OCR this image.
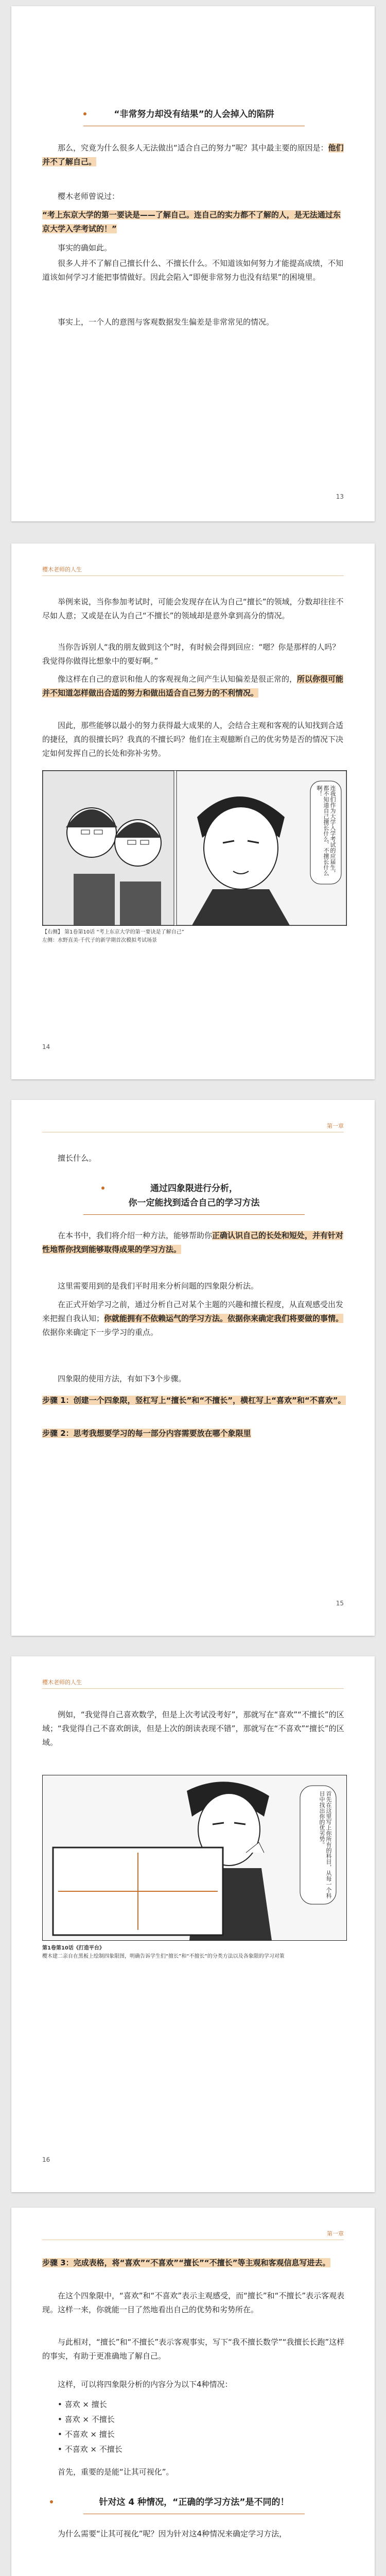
“非常努力却没有结果”的人会掉入的陷阱

那么，究竟为什么很多人无法做出“适合自己的努力”呢？其中最主要的原因是：他们并不了解自己。

樱木老师曾说过：

“考上东京大学的第一要诀是——了解自己。连自己的实力都不了解的人，是无法通过东京大学入学考试的！”

事实的确如此。

很多人并不了解自己擅长什么、不擅长什么。不知道该如何努力才能提高成绩，不知道该如何学习才能把事情做好。因此会陷入“即便非常努力也没有结果”的困境里。

事实上，一个人的意图与客观数据发生偏差是非常常见的情况。

13
樱木老师的人生

举例来说，当你参加考试时，可能会发现存在认为自己“擅长”的领域，分数却往往不尽如人意；又或是在认为自己“不擅长”的领域却是意外拿到高分的情况。

当你告诉别人“我的朋友做到这个”时，有时候会得到回应：“嗯？你是那样的人吗？我觉得你做得比想象中的要好啊。”

像这样在自己的意识和他人的客观视角之间产生认知偏差是很正常的，所以你很可能并不知道怎样做出合适的努力和做出适合自己努力的不利情况。

因此，那些能够以最小的努力获得最大成果的人，会结合主观和客观的认知找到合适的捷径，真的很擅长吗？我真的不擅长吗？他们在主观臆断自己的优劣势是否的情况下决定如何发挥自己的长处和弥补劣势。

连我们作为大学入学考试的应届生，都不知道自己擅长什么、不擅长什么啊！
【右侧】 第1卷第10话 “考上东京大学的第一要诀是了解自己”
左侧：水野直美·千代子的新学期首次模拟考试场景
14
第一章

擅长什么。

通过四象限进行分析，
你一定能找到适合自己的学习方法

在本书中，我们将介绍一种方法，能够帮助你正确认识自己的长处和短处，并有针对性地帮你找到能够取得成果的学习方法。

这里需要用到的是我们平时用来分析问题的四象限分析法。

在正式开始学习之前，通过分析自己对某个主题的兴趣和擅长程度，从直观感受出发来把握自我认知；你就能拥有不依赖运气的学习方法。依据你来确定我们将要做的事情。依据你来确定下一步学习的重点。

四象限的使用方法，有如下3个步骤。

步骤 1：创建一个四象限，竖杠写上“擅长”和“不擅长”，横杠写上“喜欢”和“不喜欢”。

步骤 2：思考我想要学习的每一部分内容需要放在哪个象限里

15
樱木老师的人生

例如，“我觉得自己喜欢数学，但是上次考试没考好”，那就写在“喜欢”“不擅长”的区域；“我觉得自己不喜欢朗读，但是上次的朗读表现不错”，那就写在“不喜欢”“擅长”的区域。

首先在这里写上你所有的科目，从每一个科目中找出你的优劣势。
第1卷第10话《打造平台》
樱木建二亲自在黑板上绘制四象限图，明确告诉学生们“擅长”和“不擅长”的分类方法以及各象限的学习对策
16
第一章

步骤 3：完成表格，将“喜欢”“不喜欢”“擅长”“不擅长”等主观和客观信息写进去。

在这个四象限中，“喜欢”和“不喜欢”表示主观感受，而“擅长”和“不擅长”表示客观表现。这样一来，你就能一目了然地看出自己的优势和劣势所在。

与此相对，“擅长”和“不擅长”表示客观事实，写下“我不擅长数学”“我擅长长跑”这样的事实，有助于更准确地了解自己。

这样，可以将四象限分析的内容分为以下4种情况：

• 喜欢 × 擅长
• 喜欢 × 不擅长
• 不喜欢 × 擅长
• 不喜欢 × 不擅长

首先，重要的是能“让其可视化”。

针对这 4 种情况，“正确的学习方法”是不同的！

为什么需要“让其可视化”呢？因为针对这4种情况来确定学习方法，
